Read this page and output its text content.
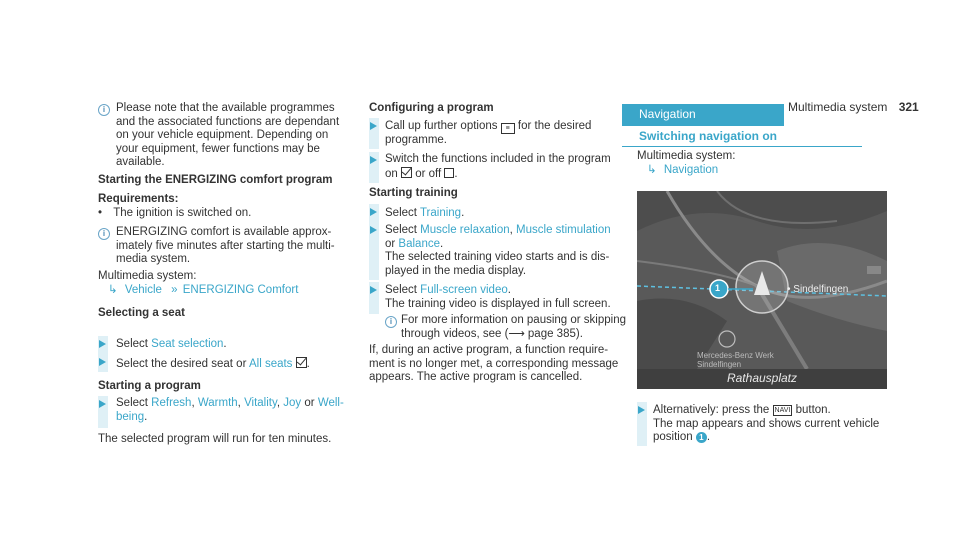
Multimedia system 321
i Please note that the available programmes
and the associated functions are dependant
on your vehicle equipment. Depending on
your equipment, fewer functions may be
available.
Starting the ENERGIZING comfort program
Requirements:
• The ignition is switched on.
i ENERGIZING comfort is available approx-
imately five minutes after starting the multi-
media system.
Multimedia system:
↳ Vehicle » ENERGIZING Comfort
Selecting a seat
Select Seat selection.
Select the desired seat or All seats .
Starting a program
Select Refresh, Warmth, Vitality, Joy or Well-
being.
The selected program will run for ten minutes.
Configuring a program
Call up further options ≡ for the desired
programme.
Switch the functions included in the program
on or off .
Starting training
Select Training.
Select Muscle relaxation, Muscle stimulation
or Balance.
The selected training video starts and is dis-
played in the media display.
Select Full-screen video.
The training video is displayed in full screen.
i For more information on pausing or skipping
through videos, see (⟶ page 385).
If, during an active program, a function require-
ment is no longer met, a corresponding message
appears. The active program is cancelled.
Navigation
Switching navigation on
Multimedia system:
↳ Navigation
1	• Sindelfingen
Mercedes-Benz Werk Sindelfingen
Rathausplatz
Alternatively: press the NAVI button.
The map appears and shows current vehicle
position 1 .
